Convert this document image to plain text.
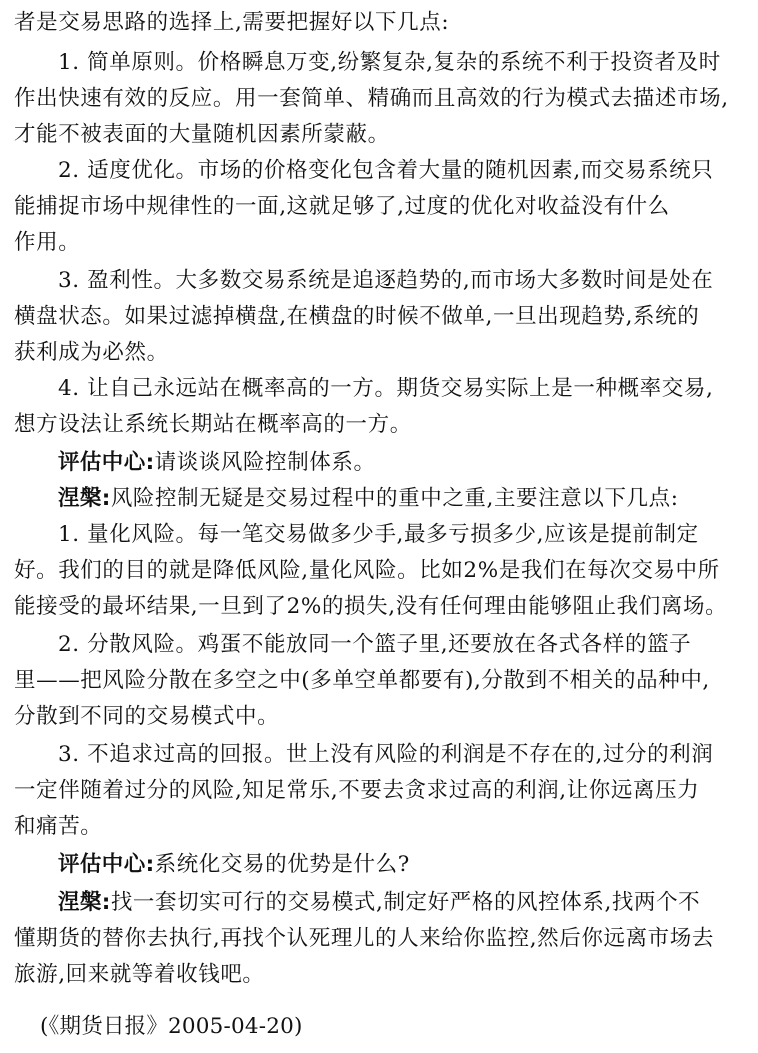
者是交易思路的选择上,需要把握好以下几点:
1. 简单原则。价格瞬息万变,纷繁复杂,复杂的系统不利于投资者及时
作出快速有效的反应。用一套简单、精确而且高效的行为模式去描述市场,
才能不被表面的大量随机因素所蒙蔽。
2. 适度优化。市场的价格变化包含着大量的随机因素,而交易系统只
能捕捉市场中规律性的一面,这就足够了,过度的优化对收益没有什么
作用。
3. 盈利性。大多数交易系统是追逐趋势的,而市场大多数时间是处在
横盘状态。如果过滤掉横盘,在横盘的时候不做单,一旦出现趋势,系统的
获利成为必然。
4. 让自己永远站在概率高的一方。期货交易实际上是一种概率交易,
想方设法让系统长期站在概率高的一方。
评估中心:请谈谈风险控制体系。
涅槃:风险控制无疑是交易过程中的重中之重,主要注意以下几点:
1. 量化风险。每一笔交易做多少手,最多亏损多少,应该是提前制定
好。我们的目的就是降低风险,量化风险。比如2%是我们在每次交易中所
能接受的最坏结果,一旦到了2%的损失,没有任何理由能够阻止我们离场。
2. 分散风险。鸡蛋不能放同一个篮子里,还要放在各式各样的篮子
里——把风险分散在多空之中(多单空单都要有),分散到不相关的品种中,
分散到不同的交易模式中。
3. 不追求过高的回报。世上没有风险的利润是不存在的,过分的利润
一定伴随着过分的风险,知足常乐,不要去贪求过高的利润,让你远离压力
和痛苦。
评估中心:系统化交易的优势是什么?
涅槃:找一套切实可行的交易模式,制定好严格的风控体系,找两个不
懂期货的替你去执行,再找个认死理儿的人来给你监控,然后你远离市场去
旅游,回来就等着收钱吧。
(《期货日报》2005-04-20)
